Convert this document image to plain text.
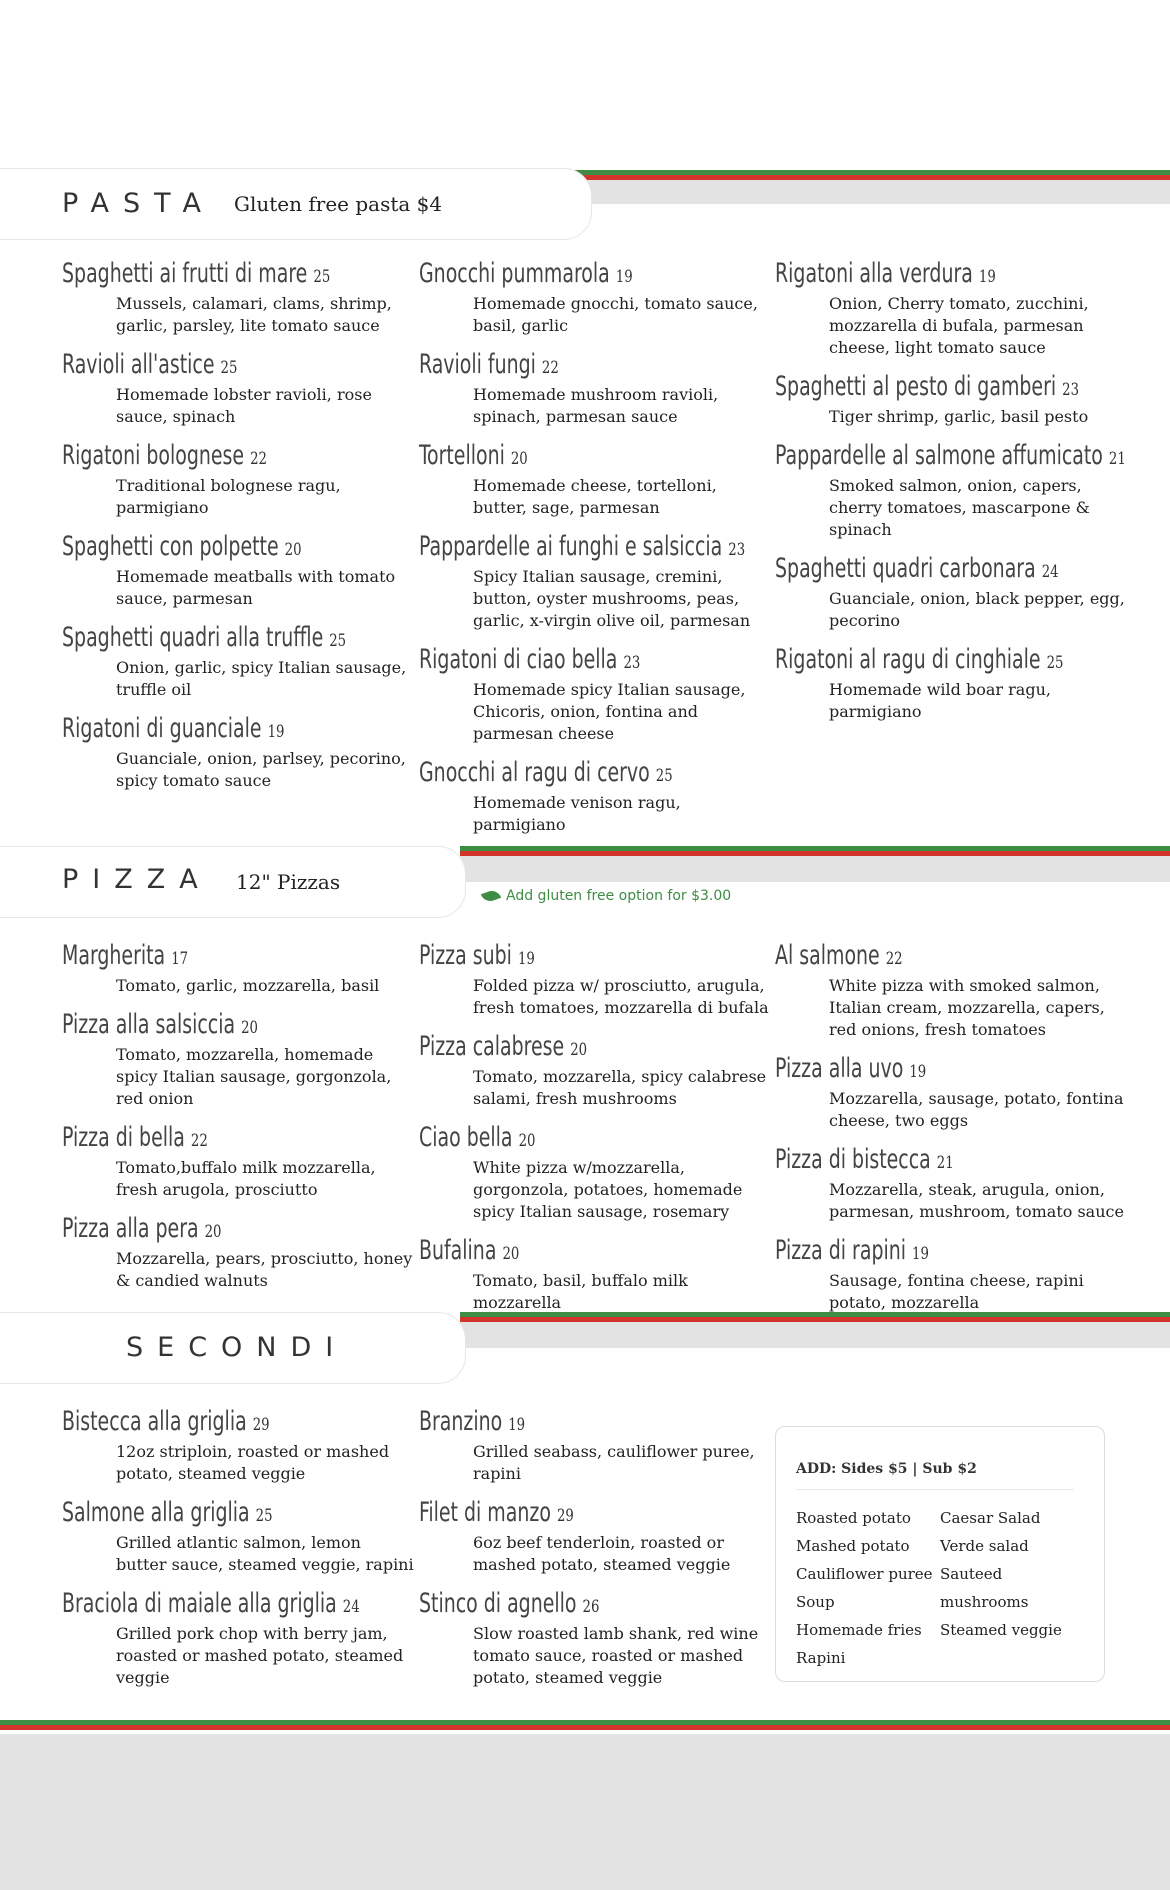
PASTA Gluten free pasta $4
Spaghetti ai frutti di mare 25
Mussels, calamari, clams, shrimp, garlic, parsley, lite tomato sauce
Ravioli all'astice 25
Homemade lobster ravioli, rose sauce, spinach
Rigatoni bolognese 22
Traditional bolognese ragu, parmigiano
Spaghetti con polpette 20
Homemade meatballs with tomato sauce, parmesan
Spaghetti quadri alla truffle 25
Onion, garlic, spicy Italian sausage, truffle oil
Rigatoni di guanciale 19
Guanciale, onion, parlsey, pecorino, spicy tomato sauce
Gnocchi pummarola 19
Homemade gnocchi, tomato sauce, basil, garlic
Ravioli fungi 22
Homemade mushroom ravioli, spinach, parmesan sauce
Tortelloni 20
Homemade cheese, tortelloni, butter, sage, parmesan
Pappardelle ai funghi e salsiccia 23
Spicy Italian sausage, cremini, button, oyster mushrooms, peas, garlic, x-virgin olive oil, parmesan
Rigatoni di ciao bella 23
Homemade spicy Italian sausage, Chicoris, onion, fontina and parmesan cheese
Gnocchi al ragu di cervo 25
Homemade venison ragu, parmigiano
Rigatoni alla verdura 19
Onion, Cherry tomato, zucchini, mozzarella di bufala, parmesan cheese, light tomato sauce
Spaghetti al pesto di gamberi 23
Tiger shrimp, garlic, basil pesto
Pappardelle al salmone affumicato 21
Smoked salmon, onion, capers, cherry tomatoes, mascarpone & spinach
Spaghetti quadri carbonara 24
Guanciale, onion, black pepper, egg, pecorino
Rigatoni al ragu di cinghiale 25
Homemade wild boar ragu, parmigiano
PIZZA 12" Pizzas
Add gluten free option for $3.00
Margherita 17
Tomato, garlic, mozzarella, basil
Pizza alla salsiccia 20
Tomato, mozzarella, homemade spicy Italian sausage, gorgonzola, red onion
Pizza di bella 22
Tomato,buffalo milk mozzarella, fresh arugola, prosciutto
Pizza alla pera 20
Mozzarella, pears, prosciutto, honey & candied walnuts
Pizza subi 19
Folded pizza w/ prosciutto, arugula, fresh tomatoes, mozzarella di bufala
Pizza calabrese 20
Tomato, mozzarella, spicy calabrese salami, fresh mushrooms
Ciao bella 20
White pizza w/mozzarella, gorgonzola, potatoes, homemade spicy Italian sausage, rosemary
Bufalina 20
Tomato, basil, buffalo milk mozzarella
Al salmone 22
White pizza with smoked salmon, Italian cream, mozzarella, capers, red onions, fresh tomatoes
Pizza alla uvo 19
Mozzarella, sausage, potato, fontina cheese, two eggs
Pizza di bistecca 21
Mozzarella, steak, arugula, onion, parmesan, mushroom, tomato sauce
Pizza di rapini 19
Sausage, fontina cheese, rapini potato, mozzarella
SECONDI
Bistecca alla griglia 29
12oz striploin, roasted or mashed potato, steamed veggie
Salmone alla griglia 25
Grilled atlantic salmon, lemon butter sauce, steamed veggie, rapini
Braciola di maiale alla griglia 24
Grilled pork chop with berry jam, roasted or mashed potato, steamed veggie
Branzino 19
Grilled seabass, cauliflower puree, rapini
Filet di manzo 29
6oz beef tenderloin, roasted or mashed potato, steamed veggie
Stinco di agnello 26
Slow roasted lamb shank, red wine tomato sauce, roasted or mashed potato, steamed veggie
ADD: Sides $5 | Sub $2
Roasted potato
Mashed potato
Cauliflower puree
Soup
Homemade fries
Rapini
Caesar Salad
Verde salad
Sauteed mushrooms
Steamed veggie
